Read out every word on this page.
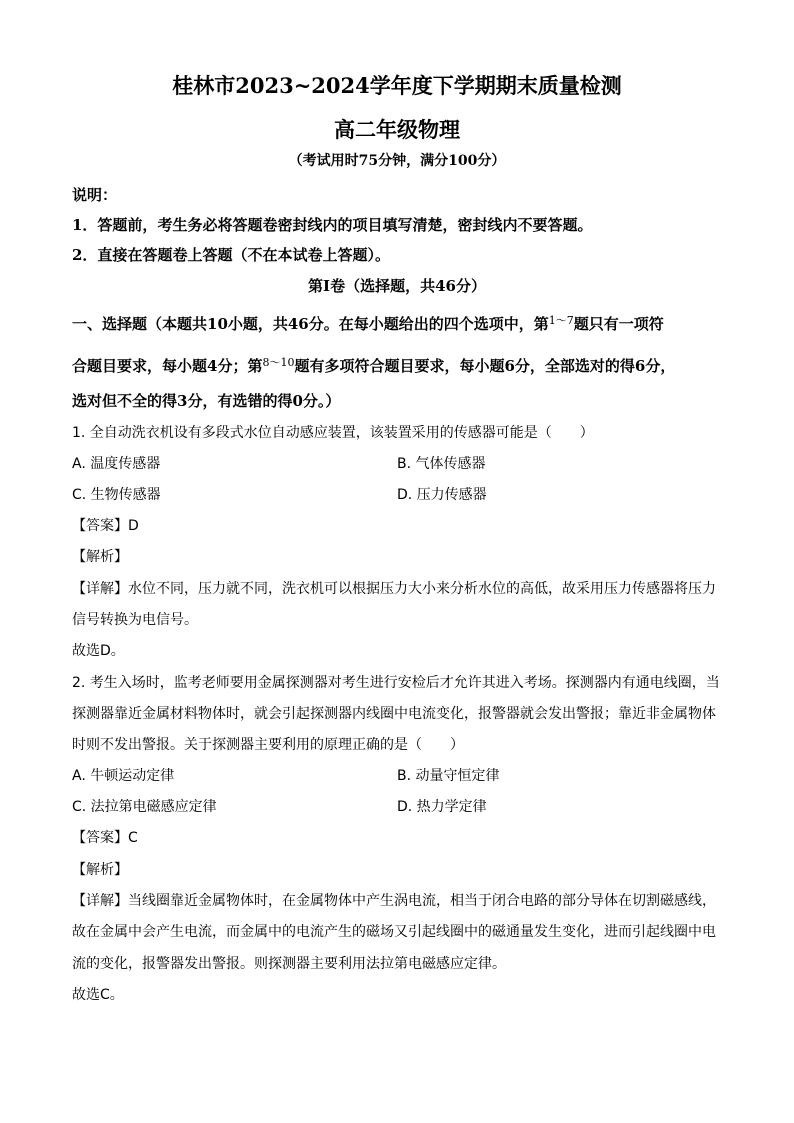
桂林市2023~2024学年度下学期期末质量检测
高二年级物理
（考试用时75分钟，满分100分）
说明：
1．答题前，考生务必将答题卷密封线内的项目填写清楚，密封线内不要答题。
2．直接在答题卷上答题（不在本试卷上答题）。
第Ⅰ卷（选择题，共46分）
一、选择题（本题共10小题，共46分。在每小题给出的四个选项中，第$^{1\sim 7}$题只有一项符
合题目要求，每小题4分；第$^{8\sim 10}$题有多项符合题目要求，每小题6分，全部选对的得6分，
选对但不全的得3分，有选错的得0分。）
1. 全自动洗衣机设有多段式水位自动感应装置，该装置采用的传感器可能是（　　）
A. 温度传感器	B. 气体传感器
C. 生物传感器	D. 压力传感器
【答案】D
【解析】
【详解】水位不同，压力就不同，洗衣机可以根据压力大小来分析水位的高低，故采用压力传感器将压力
信号转换为电信号。
故选D。
2. 考生入场时，监考老师要用金属探测器对考生进行安检后才允许其进入考场。探测器内有通电线圈，当
探测器靠近金属材料物体时，就会引起探测器内线圈中电流变化，报警器就会发出警报；靠近非金属物体
时则不发出警报。关于探测器主要利用的原理正确的是（　　）
A. 牛顿运动定律	B. 动量守恒定律
C. 法拉第电磁感应定律	D. 热力学定律
【答案】C
【解析】
【详解】当线圈靠近金属物体时，在金属物体中产生涡电流，相当于闭合电路的部分导体在切割磁感线，
故在金属中会产生电流，而金属中的电流产生的磁场又引起线圈中的磁通量发生变化，进而引起线圈中电
流的变化，报警器发出警报。则探测器主要利用法拉第电磁感应定律。
故选C。
